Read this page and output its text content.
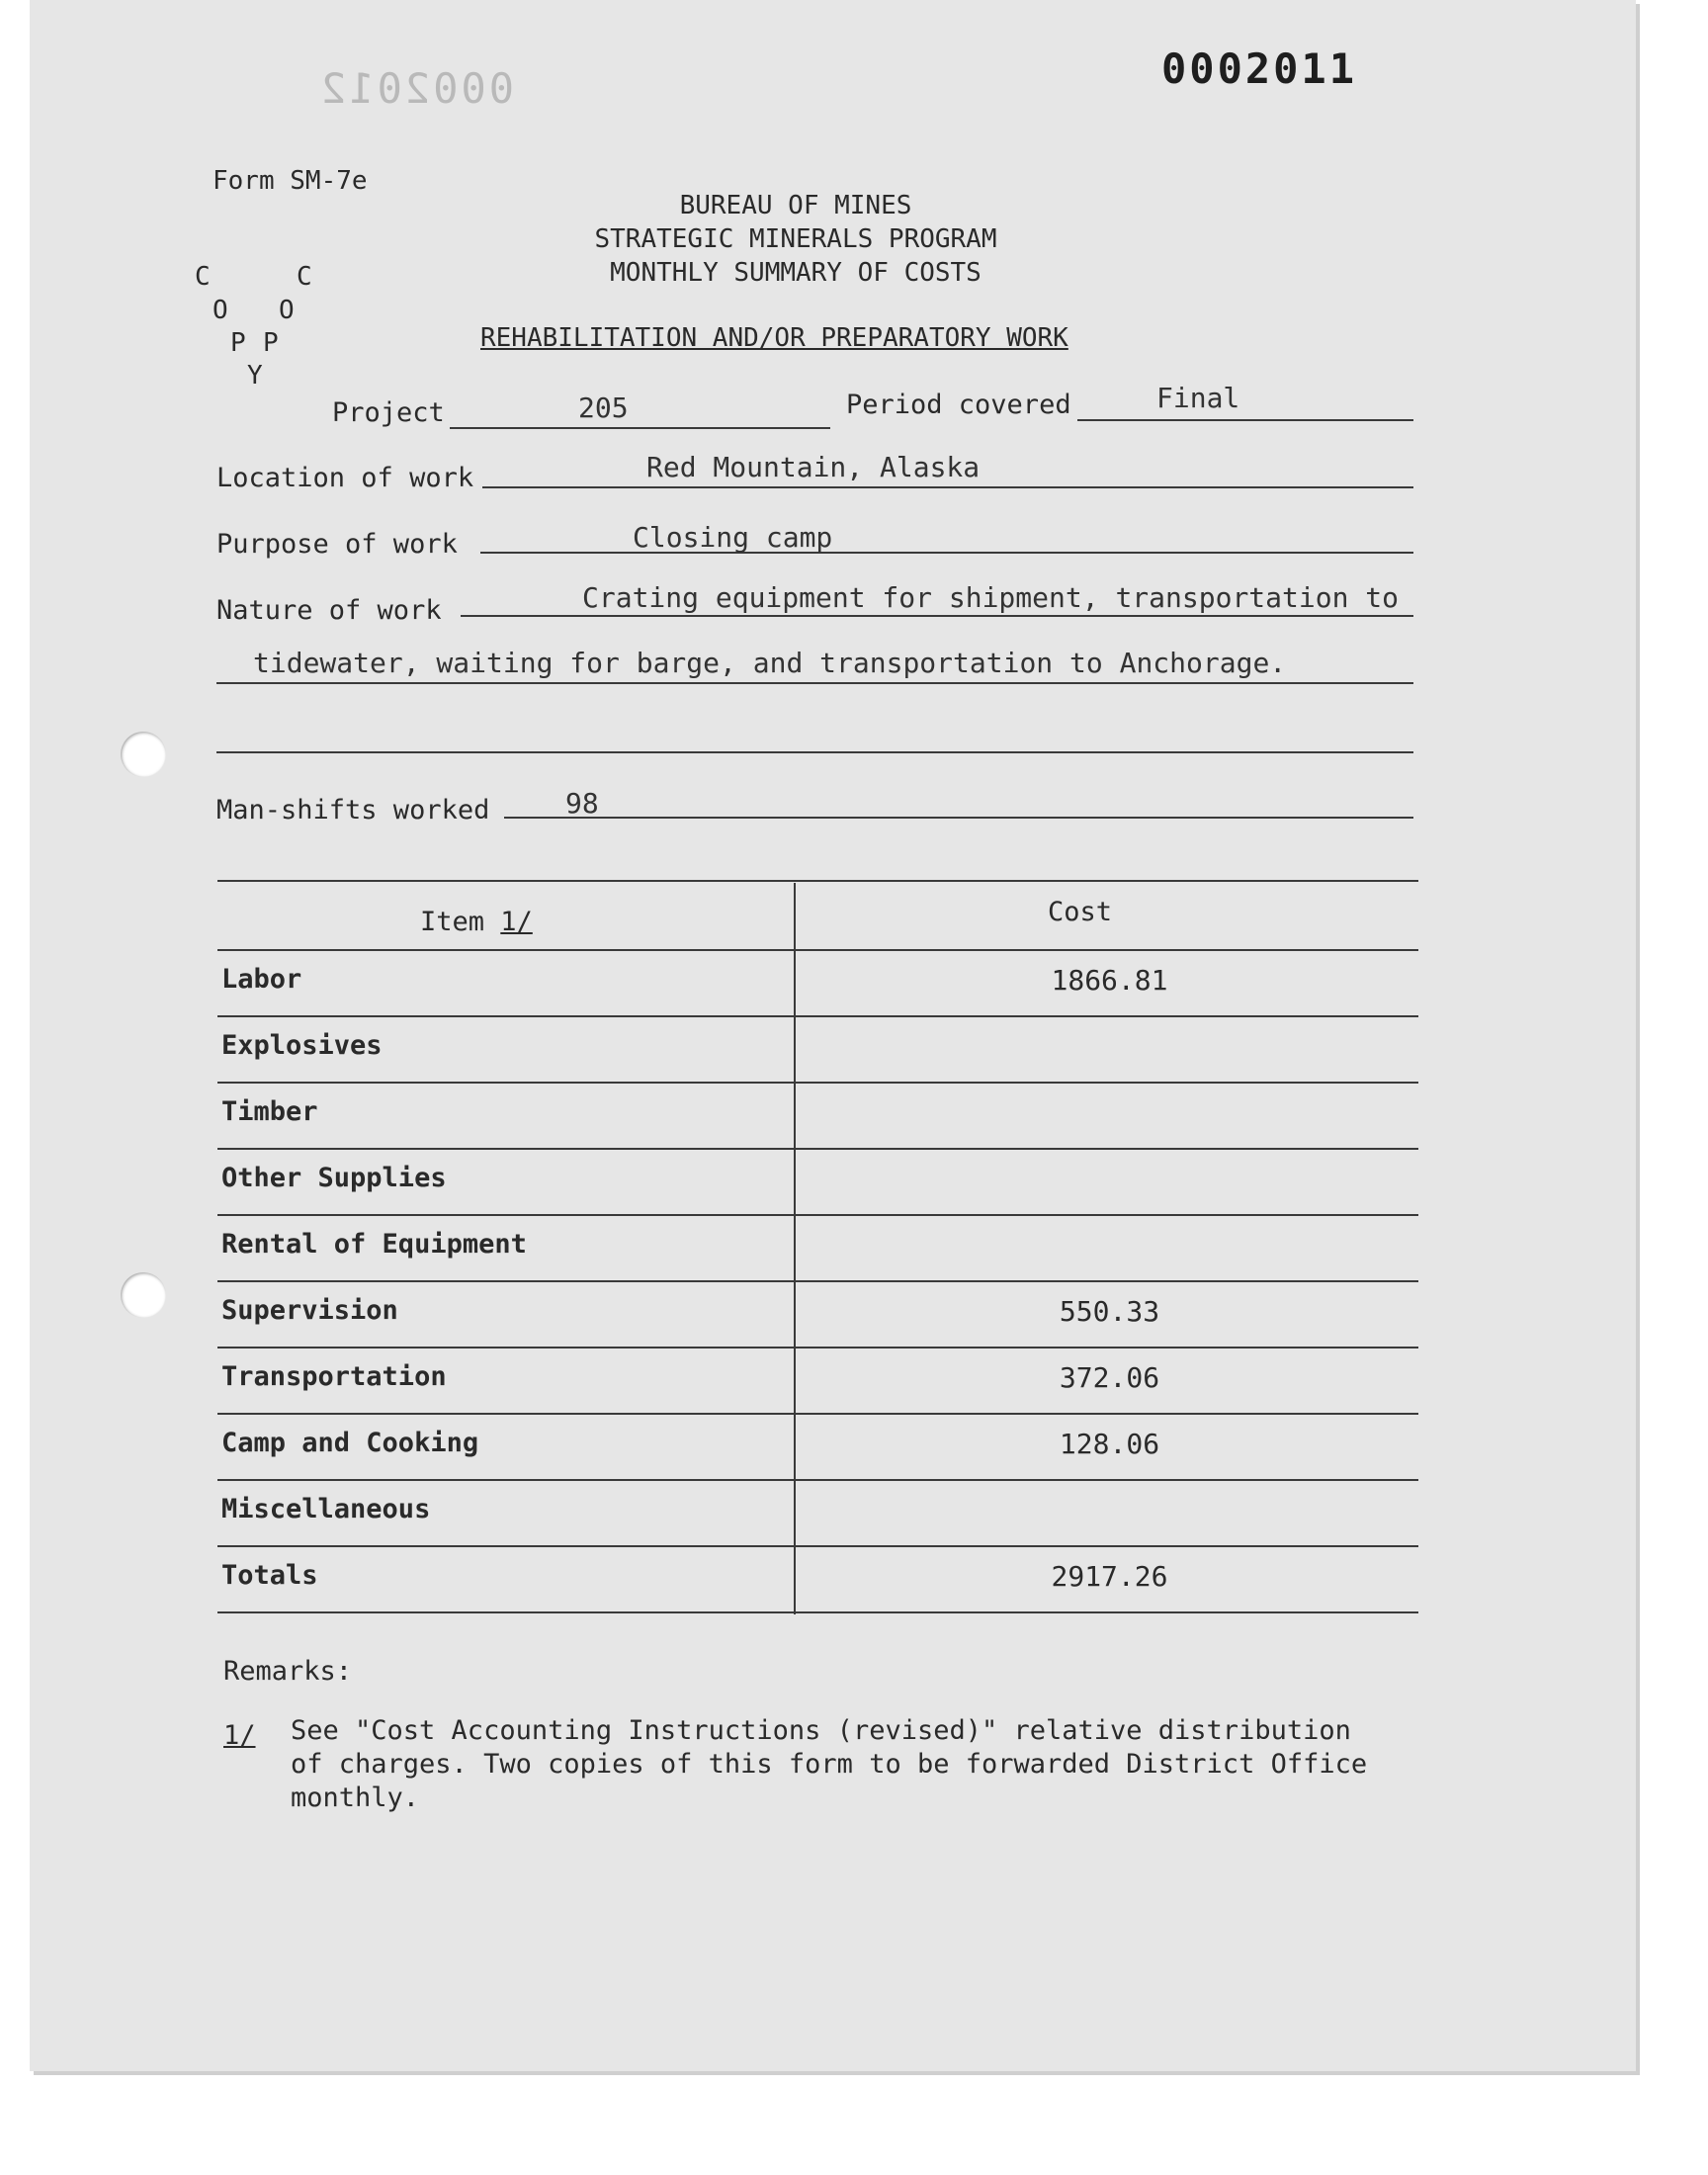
0002011
0002012
Form SM-7e
BUREAU OF MINES
STRATEGIC MINERALS PROGRAM
MONTHLY SUMMARY OF COSTS
REHABILITATION AND/OR PREPARATORY WORK
C	C
O O
P P
Y
Project	205	Period covered	Final
Location of work	Red Mountain, Alaska
Purpose of work	Closing camp
Nature of work	Crating equipment for shipment, transportation to
tidewater, waiting for barge, and transportation to Anchorage.
Man-shifts worked	98
Item 1/	Cost
Labor	1866.81
Explosives
Timber
Other Supplies
Rental of Equipment
Supervision	550.33
Transportation	372.06
Camp and Cooking	128.06
Miscellaneous
Totals	2917.26
Remarks:
1/ See "Cost Accounting Instructions (revised)" relative distribution
of charges. Two copies of this form to be forwarded District Office
monthly.
